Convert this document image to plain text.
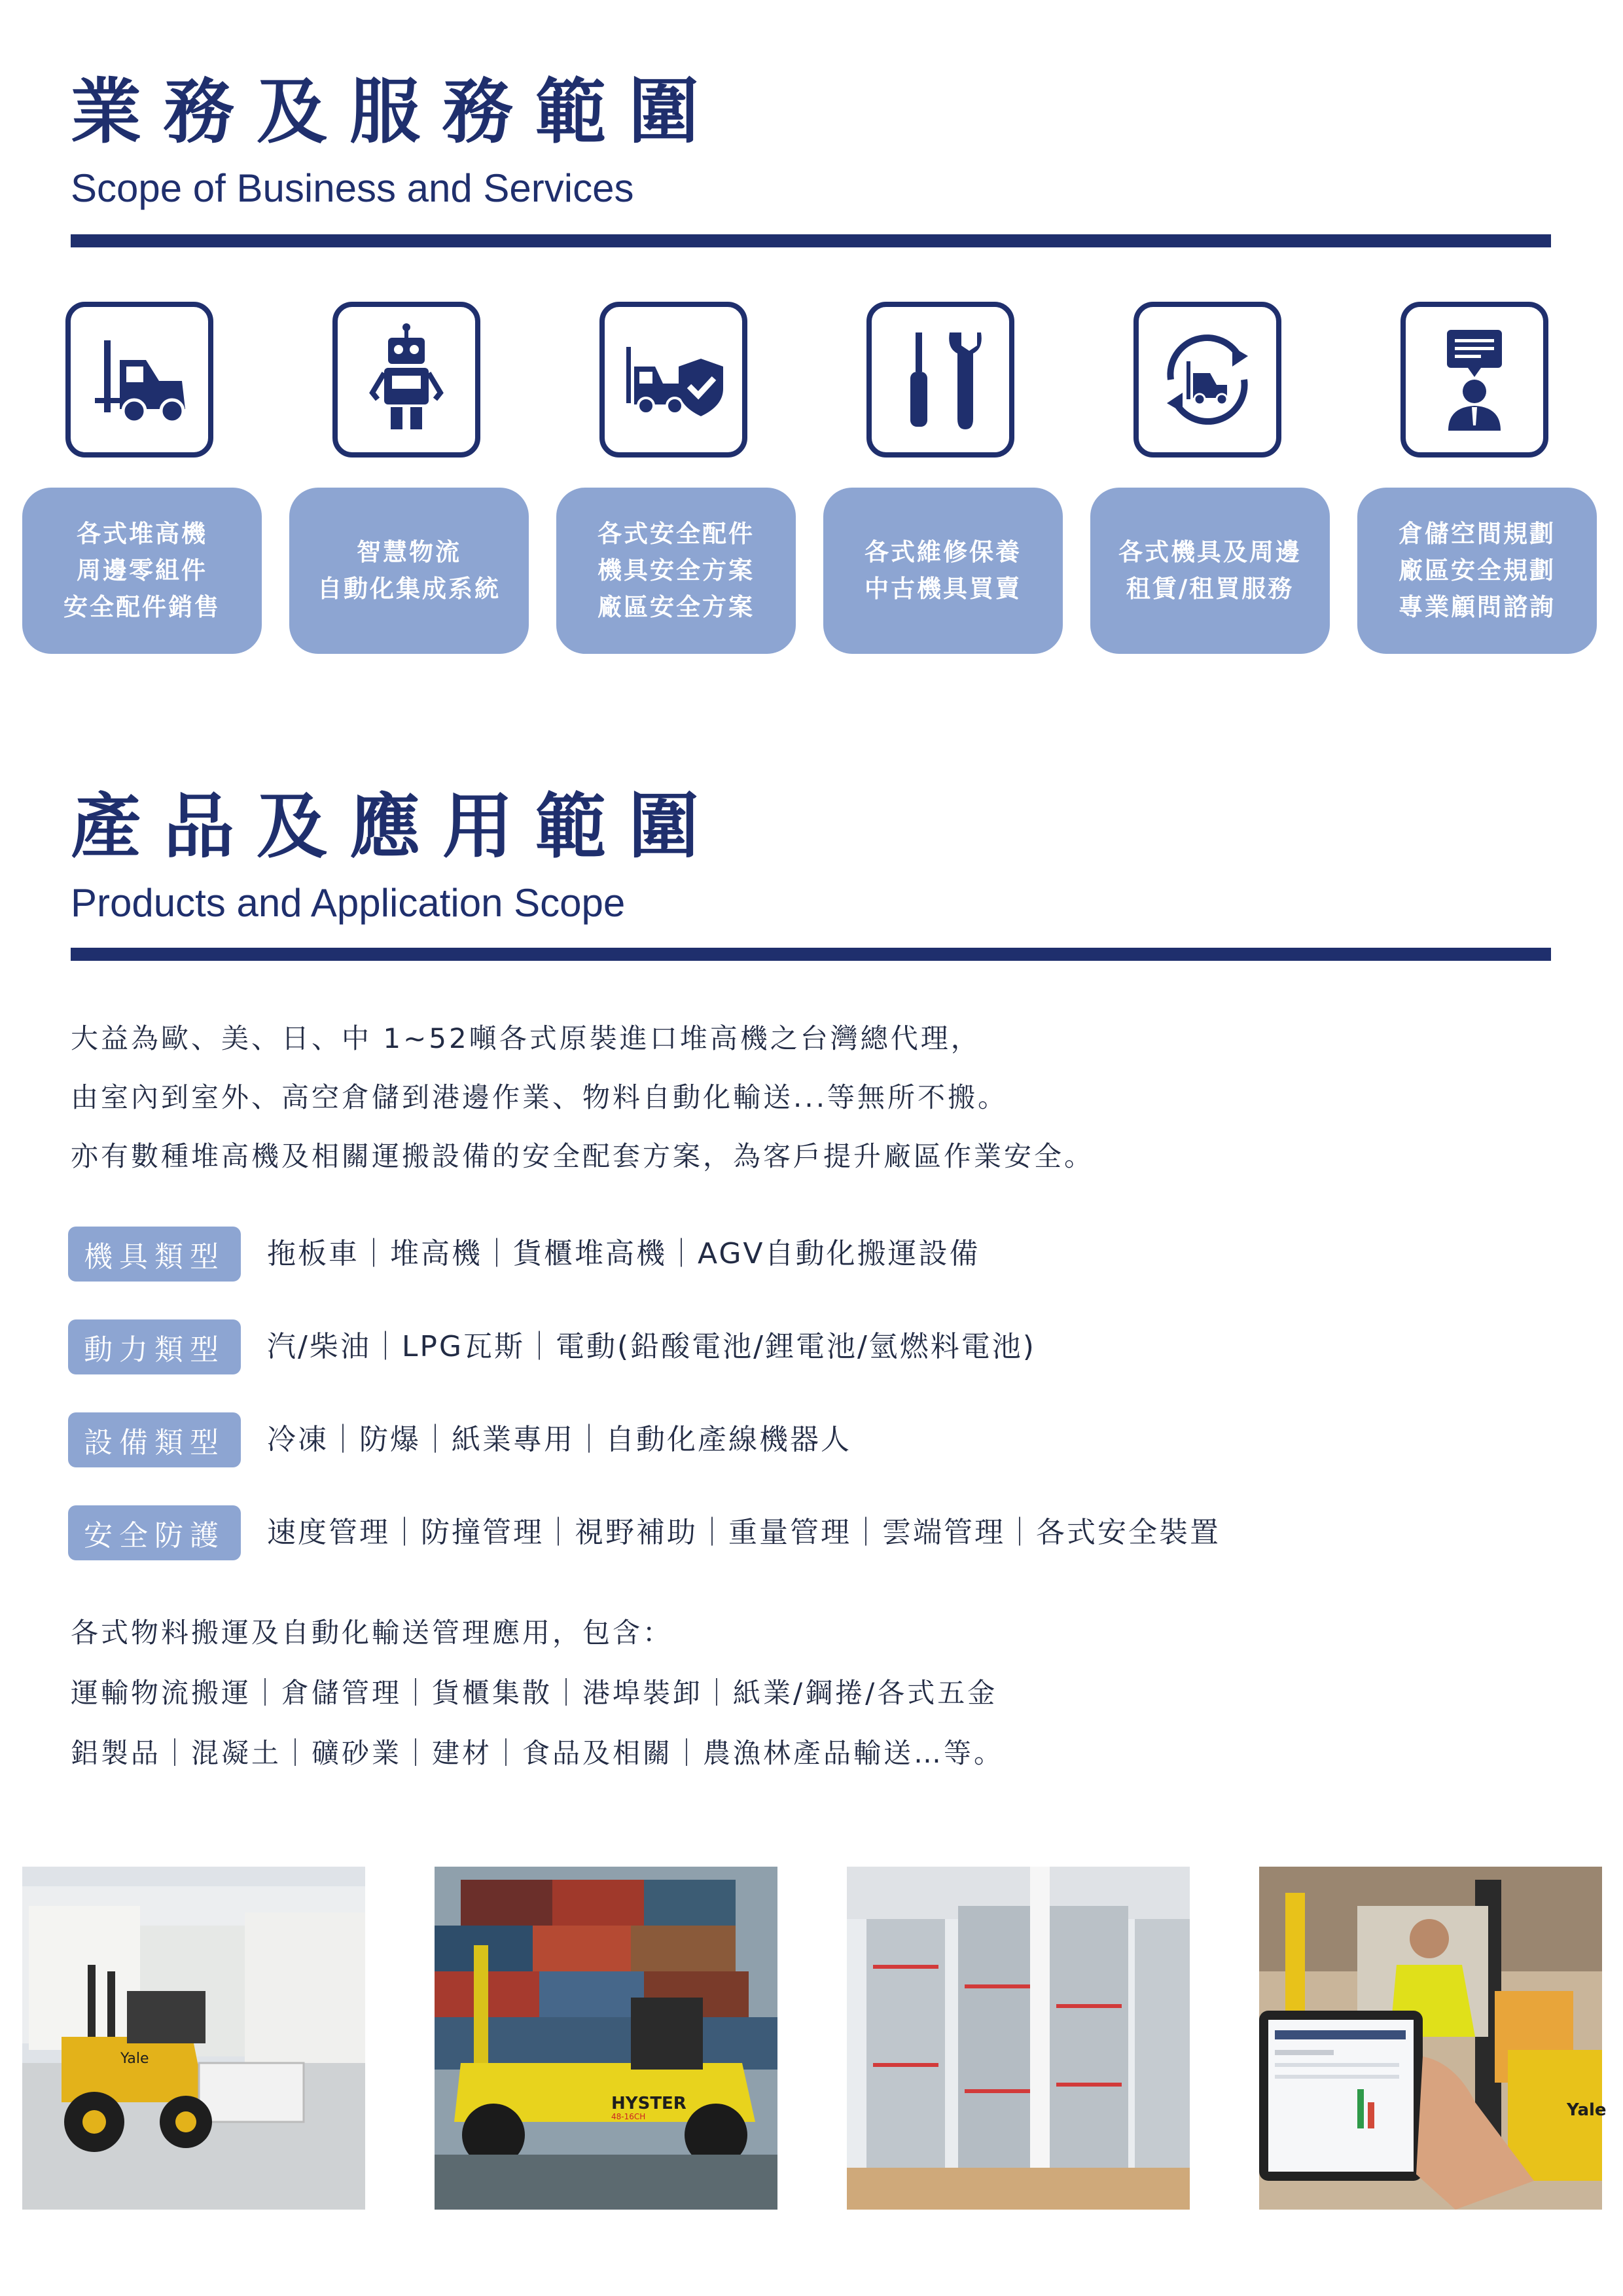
業務及服務範圍
Scope of Business and Services
各式堆高機
周邊零組件
安全配件銷售
智慧物流
自動化集成系統
各式安全配件
機具安全方案
廠區安全方案
各式維修保養
中古機具買賣
各式機具及周邊
租賃/租買服務
倉儲空間規劃
廠區安全規劃
專業顧問諮詢
產品及應用範圍
Products and Application Scope
大益為歐、美、日、中 1~52噸各式原裝進口堆高機之台灣總代理，
由室內到室外、高空倉儲到港邊作業、物料自動化輸送...等無所不搬。
亦有數種堆高機及相關運搬設備的安全配套方案，為客戶提升廠區作業安全。
機具類型	拖板車｜堆高機｜貨櫃堆高機｜AGV自動化搬運設備
動力類型	汽/柴油｜LPG瓦斯｜電動(鉛酸電池/鋰電池/氫燃料電池)
設備類型	冷凍｜防爆｜紙業專用｜自動化產線機器人
安全防護	速度管理｜防撞管理｜視野補助｜重量管理｜雲端管理｜各式安全裝置
各式物料搬運及自動化輸送管理應用，包含：
運輸物流搬運｜倉儲管理｜貨櫃集散｜港埠裝卸｜紙業/鋼捲/各式五金
鋁製品｜混凝土｜礦砂業｜建材｜食品及相關｜農漁林產品輸送…等。
Yale
HYSTER
48-16CH	Yale
